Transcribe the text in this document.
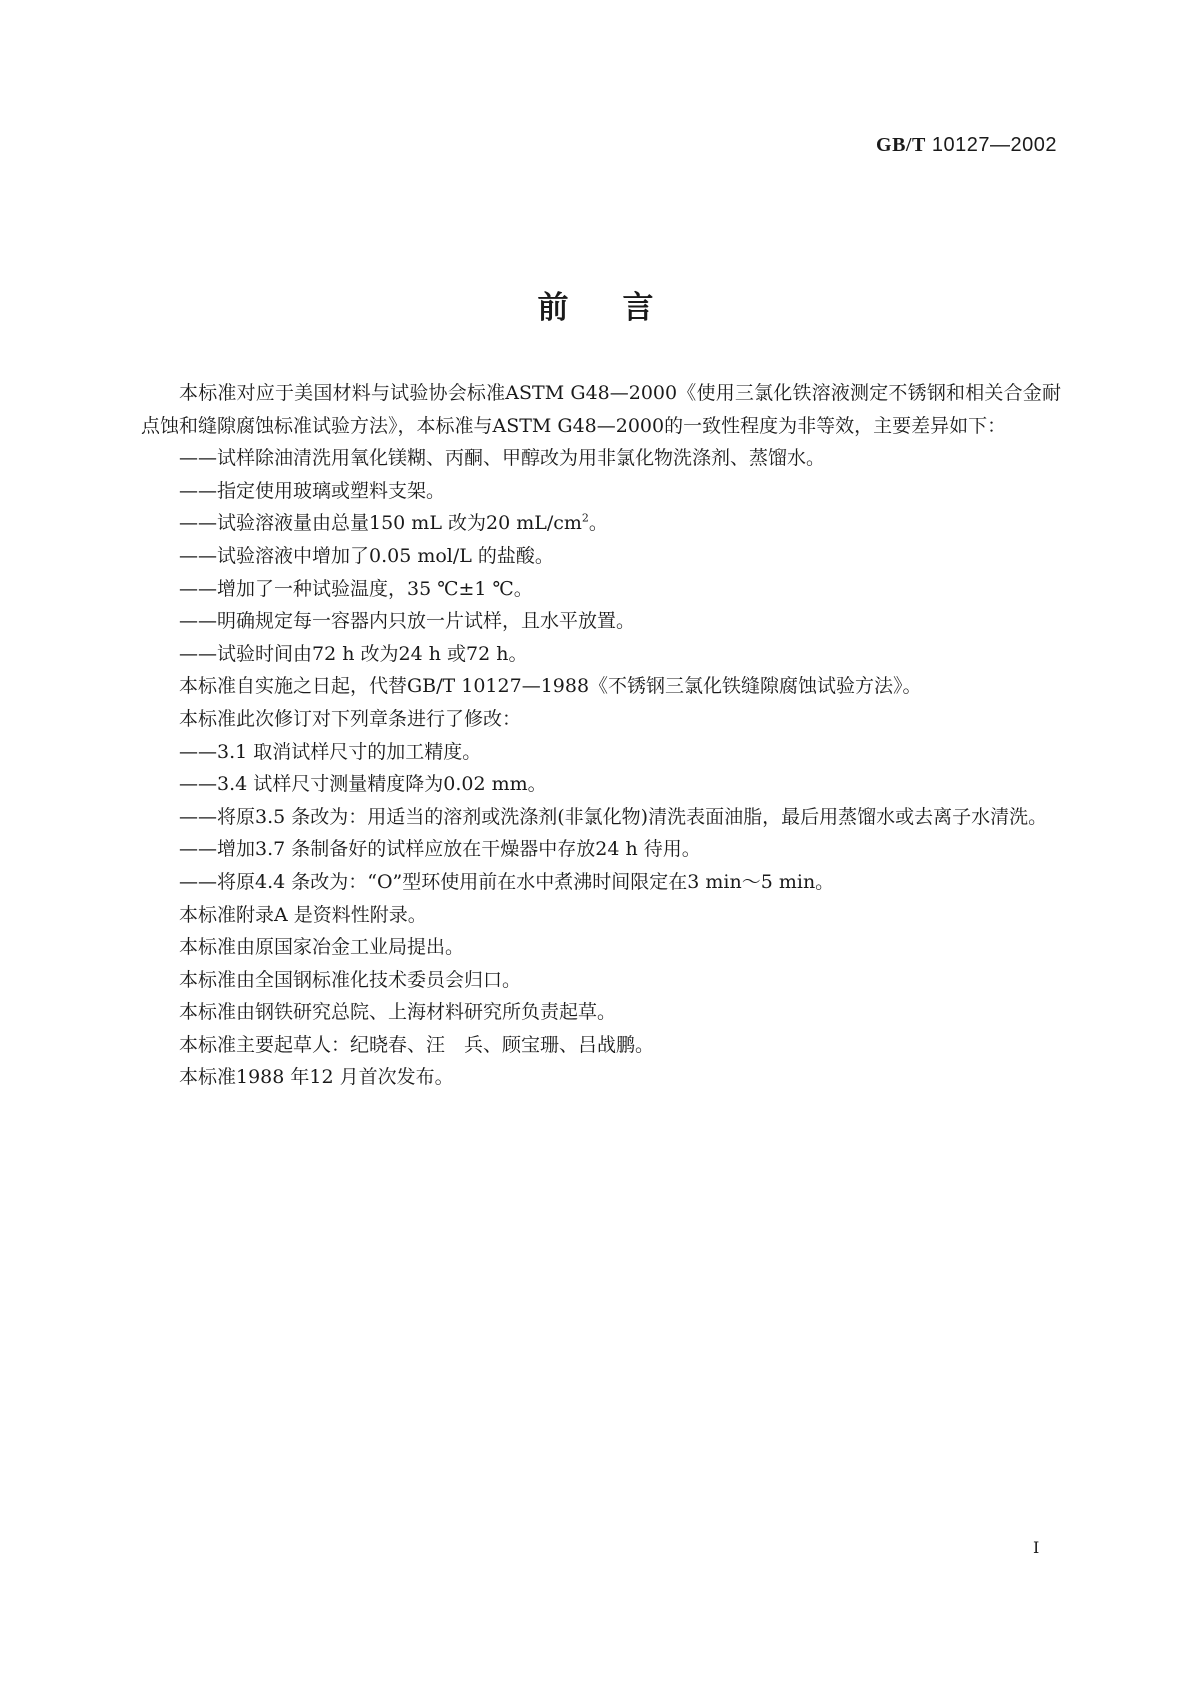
GB/T 10127—2002
前言

本标准对应于美国材料与试验协会标准ASTM G48—2000《使用三氯化铁溶液测定不锈钢和相关合金耐点蚀和缝隙腐蚀标准试验方法》，本标准与ASTM G48—2000的一致性程度为非等效，主要差异如下：

——试样除油清洗用氧化镁糊、丙酮、甲醇改为用非氯化物洗涤剂、蒸馏水。

——指定使用玻璃或塑料支架。

——试验溶液量由总量150 mL 改为20 $mL/cm^2$。

——试验溶液中增加了0.05 mol/L 的盐酸。

——增加了一种试验温度，35 ℃±1 ℃。

——明确规定每一容器内只放一片试样，且水平放置。

——试验时间由72 h 改为24 h 或72 h。

本标准自实施之日起，代替GB/T 10127—1988《不锈钢三氯化铁缝隙腐蚀试验方法》。

本标准此次修订对下列章条进行了修改：

——3.1 取消试样尺寸的加工精度。

——3.4 试样尺寸测量精度降为0.02 mm。

——将原3.5 条改为：用适当的溶剂或洗涤剂(非氯化物)清洗表面油脂，最后用蒸馏水或去离子水清洗。

——增加3.7 条制备好的试样应放在干燥器中存放24 h 待用。

——将原4.4 条改为：“O”型环使用前在水中煮沸时间限定在3 min～5 min。

本标准附录A 是资料性附录。

本标准由原国家冶金工业局提出。

本标准由全国钢标准化技术委员会归口。

本标准由钢铁研究总院、上海材料研究所负责起草。

本标准主要起草人：纪晓春、汪　兵、顾宝珊、吕战鹏。

本标准1988 年12 月首次发布。

I
